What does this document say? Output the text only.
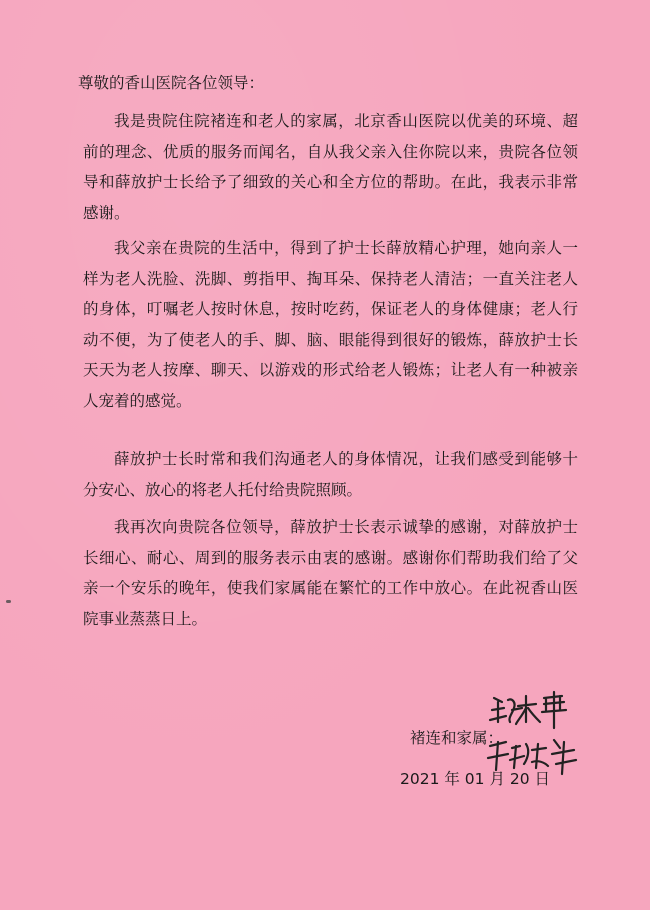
尊敬的香山医院各位领导：

我是贵院住院褚连和老人的家属，北京香山医院以优美的环境、超前的理念、优质的服务而闻名，自从我父亲入住你院以来，贵院各位领导和薛放护士长给予了细致的关心和全方位的帮助。在此，我表示非常感谢。

我父亲在贵院的生活中，得到了护士长薛放精心护理，她向亲人一样为老人洗脸、洗脚、剪指甲、掏耳朵、保持老人清洁；一直关注老人的身体，叮嘱老人按时休息，按时吃药，保证老人的身体健康；老人行动不便，为了使老人的手、脚、脑、眼能得到很好的锻炼，薛放护士长天天为老人按摩、聊天、以游戏的形式给老人锻炼；让老人有一种被亲人宠着的感觉。

薛放护士长时常和我们沟通老人的身体情况，让我们感受到能够十分安心、放心的将老人托付给贵院照顾。

我再次向贵院各位领导，薛放护士长表示诚挚的感谢，对薛放护士长细心、耐心、周到的服务表示由衷的感谢。感谢你们帮助我们给了父亲一个安乐的晚年，使我们家属能在繁忙的工作中放心。在此祝香山医院事业蒸蒸日上。

褚连和家属：
2021 年 01 月 20 日
